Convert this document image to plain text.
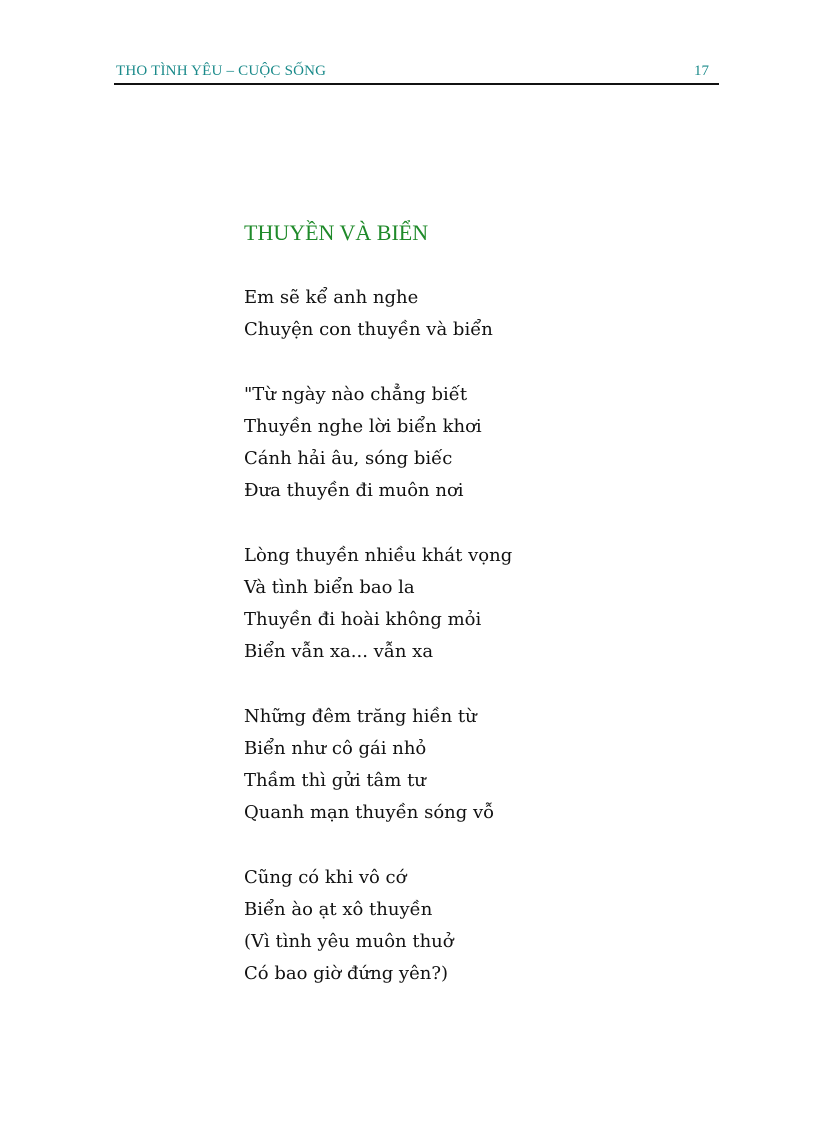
THO TÌNH YÊU – CUỘC SỐNG	17
THUYỀN VÀ BIỂN
Em sẽ kể anh nghe
Chuyện con thuyền và biển
"Từ ngày nào chẳng biết
Thuyền nghe lời biển khơi
Cánh hải âu, sóng biếc
Đưa thuyền đi muôn nơi
Lòng thuyền nhiều khát vọng
Và tình biển bao la
Thuyền đi hoài không mỏi
Biển vẫn xa... vẫn xa
Những đêm trăng hiền từ
Biển như cô gái nhỏ
Thầm thì gửi tâm tư
Quanh mạn thuyền sóng vỗ
Cũng có khi vô cớ
Biển ào ạt xô thuyền
(Vì tình yêu muôn thuở
Có bao giờ đứng yên?)
